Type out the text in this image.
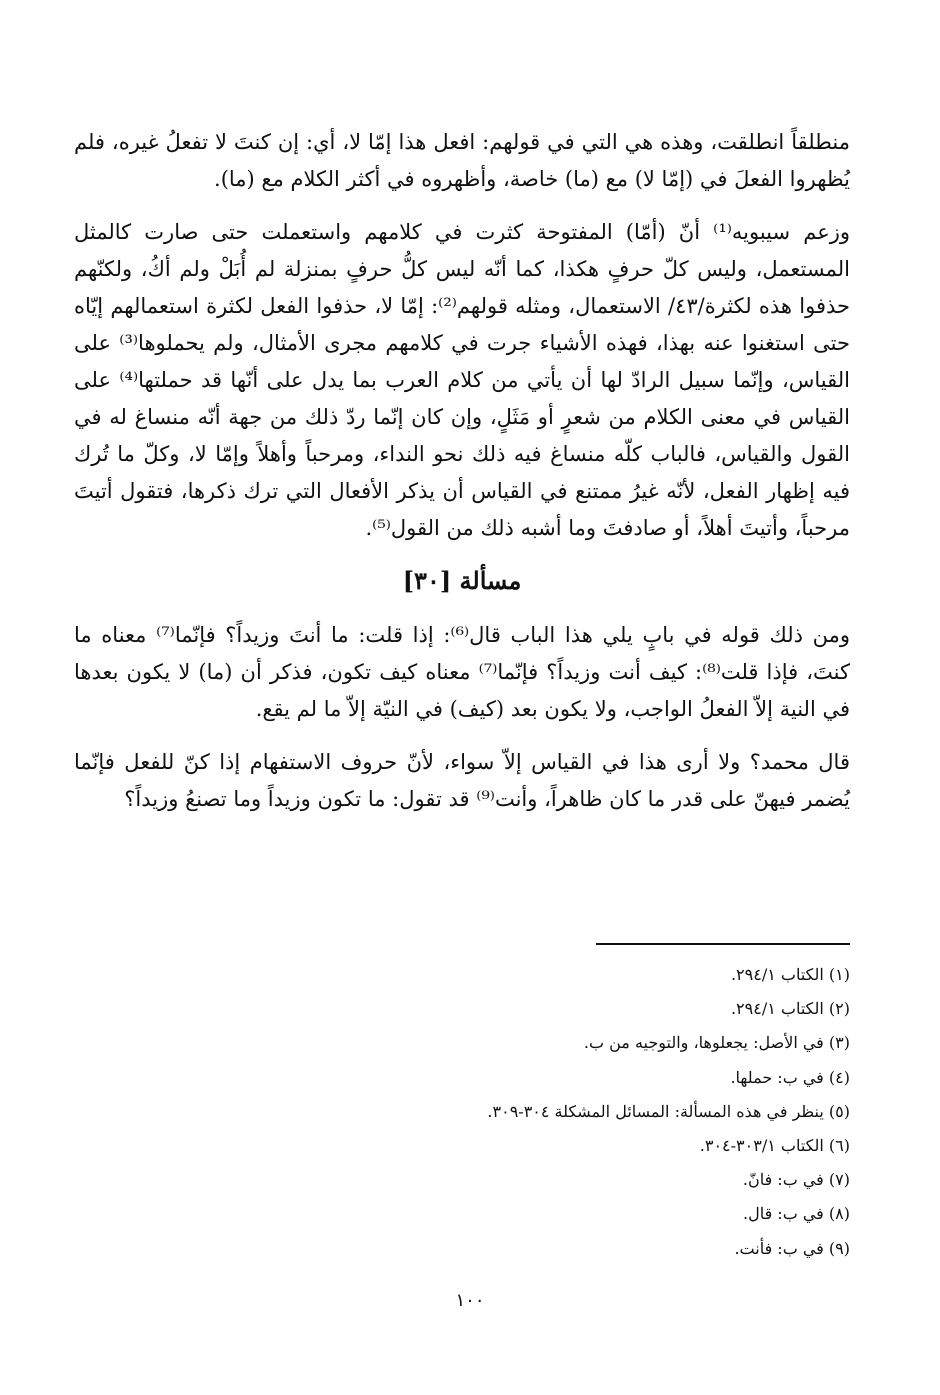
منطلقاً انطلقت، وهذه هي التي في قولهم: افعل هذا إمّا لا، أي: إن كنتَ لا تفعلُ غيره، فلم يُظهروا الفعلَ في (إمّا لا) مع (ما) خاصة، وأظهروه في أكثر الكلام مع (ما).

وزعم سيبويه⁽¹⁾ أنّ (أمّا) المفتوحة كثرت في كلامهم واستعملت حتى صارت كالمثل المستعمل، وليس كلّ حرفٍ هكذا، كما أنّه ليس كلُّ حرفٍ بمنزلة لم أُبَلْ ولم أكُ، ولكنّهم حذفوا هذه لكثرة/٤٣/ الاستعمال، ومثله قولهم⁽²⁾: إمّا لا، حذفوا الفعل لكثرة استعمالهم إيّاه حتى استغنوا عنه بهذا، فهذه الأشياء جرت في كلامهم مجرى الأمثال، ولم يحملوها⁽³⁾ على القياس، وإنّما سبيل الرادّ لها أن يأتي من كلام العرب بما يدل على أنّها قد حملتها⁽⁴⁾ على القياس في معنى الكلام من شعرٍ أو مَثَلٍ، وإن كان إنّما ردّ ذلك من جهة أنّه منساغ له في القول والقياس، فالباب كلّه منساغ فيه ذلك نحو النداء، ومرحباً وأهلاً وإمّا لا، وكلّ ما تُرك فيه إظهار الفعل، لأنّه غيرُ ممتنع في القياس أن يذكر الأفعال التي ترك ذكرها، فتقول أتيتَ مرحباً، وأتيتَ أهلاً، أو صادفتَ وما أشبه ذلك من القول⁽⁵⁾.

مسألة [٣٠]

ومن ذلك قوله في بابٍ يلي هذا الباب قال⁽⁶⁾: إذا قلت: ما أنتَ وزيداً؟ فإنّما⁽⁷⁾ معناه ما كنتَ، فإذا قلت⁽⁸⁾: كيف أنت وزيداً؟ فإنّما⁽⁷⁾ معناه كيف تكون، فذكر أن (ما) لا يكون بعدها في النية إلاّ الفعلُ الواجب، ولا يكون بعد (كيف) في النيّة إلاّ ما لم يقع.

قال محمد؟ ولا أرى هذا في القياس إلاّ سواء، لأنّ حروف الاستفهام إذا كنّ للفعل فإنّما يُضمر فيهنّ على قدر ما كان ظاهراً، وأنت⁽⁹⁾ قد تقول: ما تكون وزيداً وما تصنعُ وزيداً؟

(١) الكتاب ٢٩٤/١.
(٢) الكتاب ٢٩٤/١.
(٣) في الأصل: يجعلوها، والتوجيه من ب.
(٤) في ب: حملها.
(٥) ينظر في هذه المسألة: المسائل المشكلة ٣٠٤-٣٠٩.
(٦) الكتاب ٣٠٣/١-٣٠٤.
(٧) في ب: فانّ.
(٨) في ب: قال.
(٩) في ب: فأنت.
١٠٠
